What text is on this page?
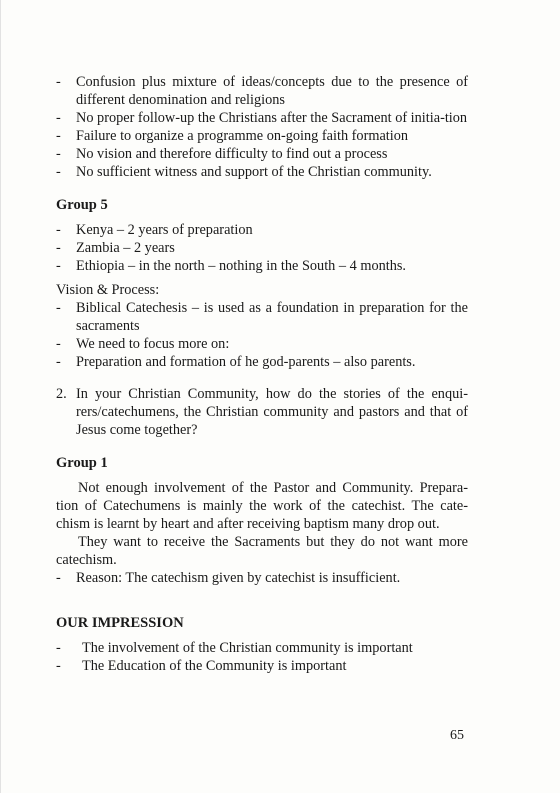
- Confusion plus mixture of ideas/concepts due to the presence of different denomination and religions
- No proper follow-up the Christians after the Sacrament of initia-tion
- Failure to organize a programme on-going faith formation
- No vision and therefore difficulty to find out a process
- No sufficient witness and support of the Christian community.
Group 5
- Kenya – 2 years of preparation
- Zambia – 2 years
- Ethiopia – in the north – nothing in the South – 4 months.
Vision & Process:
- Biblical Catechesis – is used as a foundation in preparation for the sacraments
- We need to focus more on:
- Preparation and formation of he god-parents – also parents.
2. In your Christian Community, how do the stories of the enqui-rers/catechumens, the Christian community and pastors and that of Jesus come together?
Group 1
Not enough involvement of the Pastor and Community. Prepara-tion of Catechumens is mainly the work of the catechist. The cate-chism is learnt by heart and after receiving baptism many drop out.
They want to receive the Sacraments but they do not want more catechism.
- Reason: The catechism given by catechist is insufficient.
OUR IMPRESSION
- The involvement of the Christian community is important
- The Education of the Community is important
65
